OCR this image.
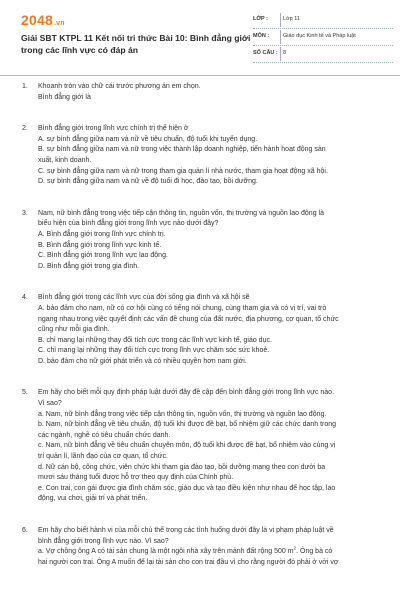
2048.vn
Giải SBT KTPL 11 Kết nối tri thức Bài 10: Bình đẳng giới trong các lĩnh vực có đáp án
LỚP :	Lớp 11
MÔN :	Giáo dục Kinh tế và Pháp luật
SỐ CÂU : 8
1. Khoanh tròn vào chữ cái trước phương án em chọn.
Bình đẳng giới là
2. Bình đẳng giới trong lĩnh vực chính trị thể hiện ở
A. sự bình đẳng giữa nam và nữ về tiêu chuẩn, độ tuổi khi tuyển dụng.
B. sự bình đẳng giữa nam và nữ trong việc thành lập doanh nghiệp, tiến hành hoạt động sản
xuất, kinh doanh.
C. sự bình đẳng giữa nam và nữ trong tham gia quản lí nhà nước, tham gia hoạt động xã hội.
D. sự bình đẳng giữa nam và nữ về độ tuổi đi học, đào tạo, bồi dưỡng.
3. Nam, nữ bình đẳng trong việc tiếp cận thông tin, nguồn vốn, thị trường và nguồn lao động là
biểu hiện của bình đẳng giới trong lĩnh vực nào dưới đây?
A. Bình đẳng giới trong lĩnh vực chính trị.
B. Bình đẳng giới trong lĩnh vực kinh tế.
C. Bình đẳng giới trong lĩnh vực lao động.
D. Bình đẳng giới trong gia đình.
4. Bình đẳng giới trong các lĩnh vực của đời sống gia đình và xã hội sẽ
A. bảo đảm cho nam, nữ có cơ hội cùng có tiếng nói chung, cùng tham gia và có vị trí, vai trò
ngang nhau trong việc quyết định các vấn đề chung của đất nước, địa phương, cơ quan, tổ chức
cũng như mỗi gia đình.
B. chỉ mang lại những thay đổi tích cực trong các lĩnh vực kinh tế, giáo dục.
C. chỉ mang lại những thay đổi tích cực trong lĩnh vực chăm sóc sức khoẻ.
D. bảo đảm cho nữ giới phát triển và có nhiều quyền hơn nam giới.
5. Em hãy cho biết mỗi quy định pháp luật dưới đây đề cập đến bình đẳng giới trong lĩnh vực nào.
Vì sao?
a. Nam, nữ bình đẳng trong việc tiếp cận thông tin, nguồn vốn, thị trường và nguồn lao động.
b. Nam, nữ bình đẳng về tiêu chuẩn, độ tuổi khi được đề bạt, bổ nhiệm giữ các chức danh trong
các ngành, nghề có tiêu chuẩn chức danh.
c. Nam, nữ bình đẳng về tiêu chuẩn chuyên môn, độ tuổi khi được đề bạt, bổ nhiệm vào cùng vị
trí quản lí, lãnh đạo của cơ quan, tổ chức.
d. Nữ cán bộ, công chức, viên chức khi tham gia đào tạo, bồi dưỡng mang theo con dưới ba
mươi sáu tháng tuổi được hỗ trợ theo quy định của Chính phủ.
e. Con trai, con gái được gia đình chăm sóc, giáo dục và tạo điều kiện như nhau để học tập, lao
động, vui chơi, giải trí và phát triển.
6. Em hãy cho biết hành vi của mỗi chủ thể trong các tình huống dưới đây là vi phạm pháp luật về
bình đẳng giới trong lĩnh vực nào. Vì sao?
a. Vợ chồng ông A có tài sản chung là một ngôi nhà xây trên mảnh đất rộng 500 $m^2$. Ông bà có
hai người con trai. Ông A muốn để lại tài sản cho con trai đầu vì cho rằng người đó phải ở với vợ
